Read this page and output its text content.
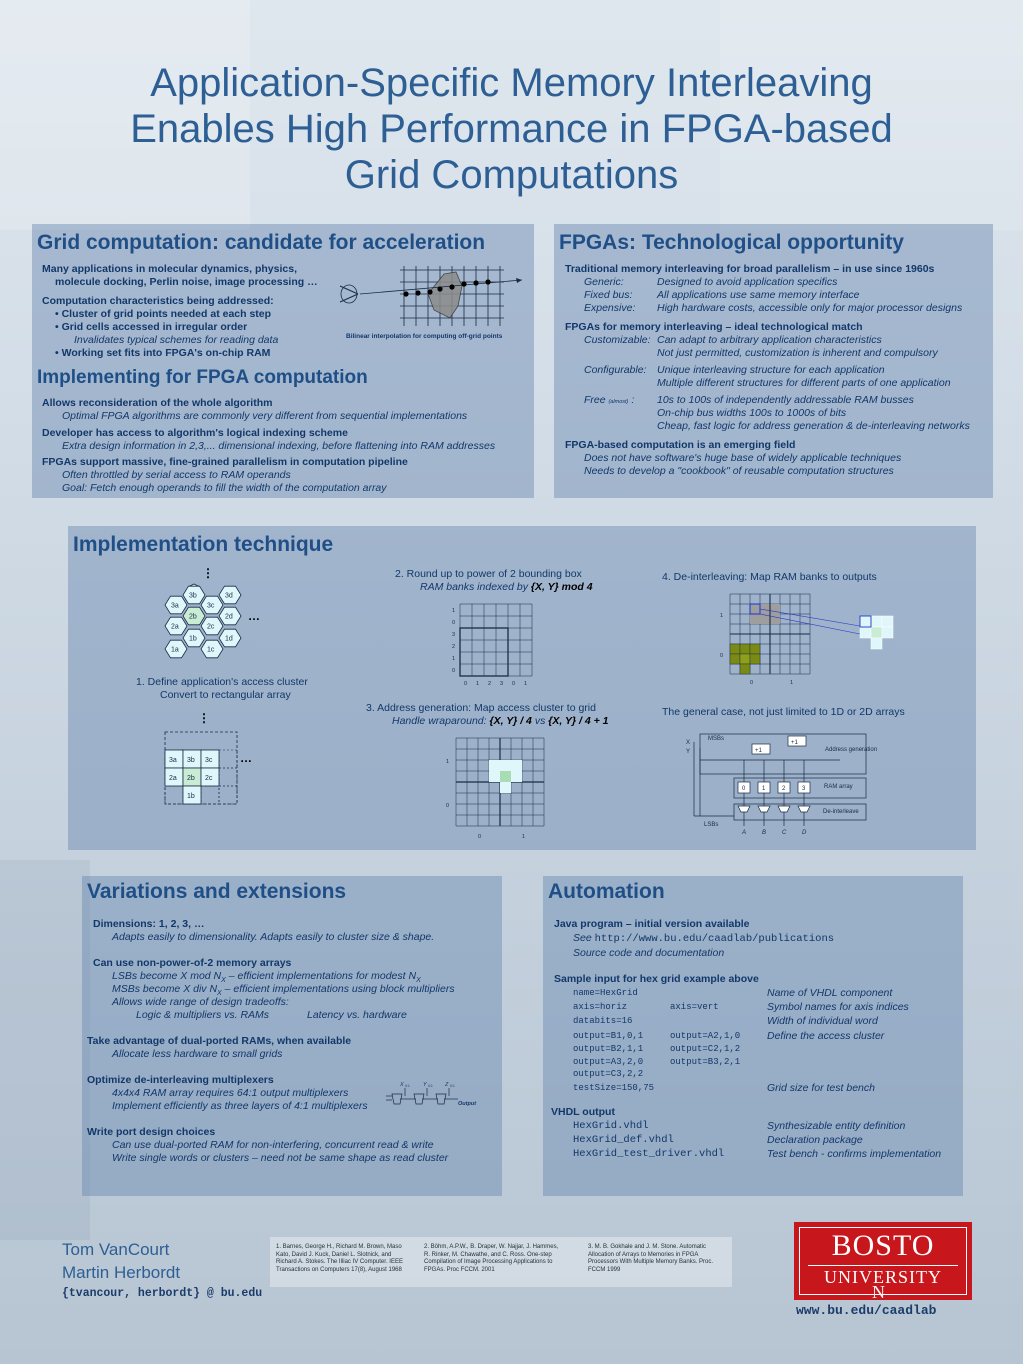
Application-Specific Memory Interleaving
Enables High Performance in FPGA-based
Grid Computations
Grid computation: candidate for acceleration
Many applications in molecular dynamics, physics,
molecule docking, Perlin noise, image processing …
Computation characteristics being addressed:
• Cluster of grid points needed at each step
• Grid cells accessed in irregular order
Invalidates typical schemes for reading data
• Working set fits into FPGA's on-chip RAM
Bilinear interpolation for computing off-grid points
Implementing for FPGA computation
Allows reconsideration of the whole algorithm
Optimal FPGA algorithms are commonly very different from sequential implementations
Developer has access to algorithm's logical indexing scheme
Extra design information in 2,3,... dimensional indexing, before flattening into RAM addresses
FPGAs support massive, fine-grained parallelism in computation pipeline
Often throttled by serial access to RAM operands
Goal: Fetch enough operands to fill the width of the computation array
FPGAs: Technological opportunity
Traditional memory interleaving for broad parallelism – in use since 1960s
Generic:	Designed to avoid application specifics
Fixed bus: All applications use same memory interface
Expensive: High hardware costs, accessible only for major processor designs
FPGAs for memory interleaving – ideal technological match
Customizable: Can adapt to arbitrary application characteristics
Not just permitted, customization is inherent and compulsory
Configurable: Unique interleaving structure for each application
Multiple different structures for different parts of one application
Free (almost) : 10s to 100s of independently addressable RAM busses
On-chip bus widths 100s to 1000s of bits
Cheap, fast logic for address generation & de-interleaving networks
FPGA-based computation is an emerging field
Does not have software's huge base of widely applicable techniques
Needs to develop a "cookbook" of reusable computation structures
Implementation technique
3b	3d
3a	3c
2b	2d
2a	2c
1b	1d
1a	1c
⋮
…
1. Define application's access cluster
Convert to rectangular array
⋮
3a 3b 3c
2a 2b 2c
1b
…
2. Round up to power of 2 bounding box
RAM banks indexed by {X, Y} mod 4
1
0
3
2
1
0
0 1 2 3 0 1
3. Address generation: Map access cluster to grid
Handle wraparound: {X, Y} / 4 vs {X, Y} / 4 + 1
1
0
0	1
4. De-interleaving: Map RAM banks to outputs
1
0
0	1
The general case, not just limited to 1D or 2D arrays
X
Y
MSBs
LSBs
+1
+1
Address generation
RAM array
De-interleave
0	1	2	3
A	B	C	D
Variations and extensions
Dimensions: 1, 2, 3, …
Adapts easily to dimensionality. Adapts easily to cluster size & shape.
Can use non-power-of-2 memory arrays
LSBs become X mod $N_X$ – efficient implementations for modest $N_X$
MSBs become X div $N_X$ – efficient implementations using block multipliers
Allows wide range of design tradeoffs:
Logic & multipliers vs. RAMs	Latency vs. hardware
Take advantage of dual-ported RAMs, when available
Allocate less hardware to small grids
Optimize de-interleaving multiplexers
4x4x4 RAM array requires 64:1 output multiplexers
Implement efficiently as three layers of 4:1 multiplexers
X 0:1 Y 0:1 Z 0:1
Output
Write port design choices
Can use dual-ported RAM for non-interfering, concurrent read & write
Write single words or clusters – need not be same shape as read cluster
Automation
Java program – initial version available
See http://www.bu.edu/caadlab/publications
Source code and documentation
Sample input for hex grid example above
name=HexGrid	Name of VHDL component
axis=horiz	axis=vert	Symbol names for axis indices
databits=16	Width of individual word
output=B1,0,1	output=A2,1,0	Define the access cluster
output=B2,1,1	output=C2,1,2
output=A3,2,0	output=B3,2,1
output=C3,2,2
testSize=150,75	Grid size for test bench
VHDL output
HexGrid.vhdl	Synthesizable entity definition
HexGrid_def.vhdl	Declaration package
HexGrid_test_driver.vhdl	Test bench - confirms implementation
Tom VanCourt
Martin Herbordt
{tvancour, herbordt} @ bu.edu
1. Barnes, George H., Richard M. Brown, Maso Kato, David J. Kuck, Daniel L. Slotnick, and Richard A. Stokes. The Illiac IV Computer. IEEE Transactions on Computers 17(8), August 1968
2. Böhm, A.P.W., B. Draper, W. Najjar, J. Hammes, R. Rinker, M. Chawathe, and C. Ross. One-step Compilation of Image Processing Applications to FPGAs. Proc FCCM. 2001
3. M. B. Gokhale and J. M. Stone. Automatic Allocation of Arrays to Memories in FPGA Processors With Multiple Memory Banks. Proc. FCCM 1999
BOSTO
UNIVERSITY
N
www.bu.edu/caadlab
